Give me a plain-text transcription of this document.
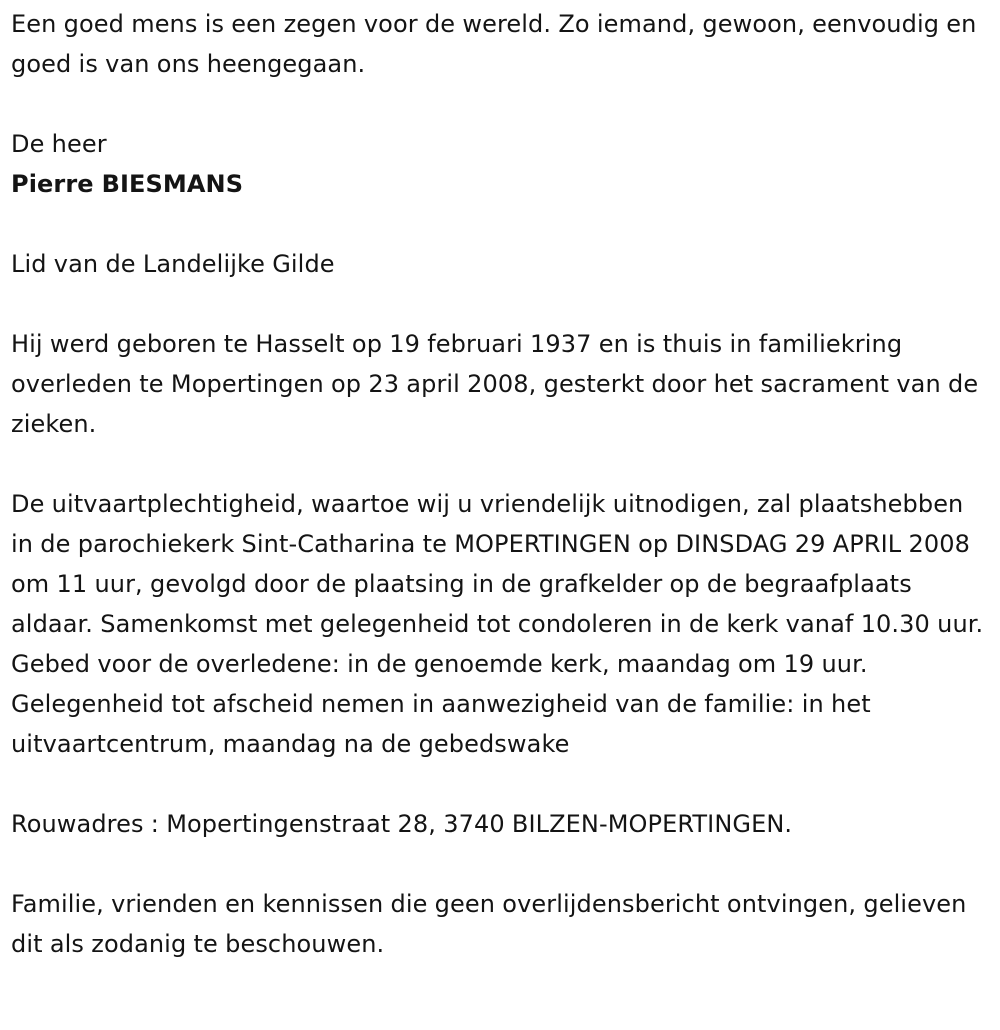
Een goed mens is een zegen voor de wereld. Zo iemand, gewoon, eenvoudig en goed is van ons heengegaan.

De heer

Pierre BIESMANS

Lid van de Landelijke Gilde

Hij werd geboren te Hasselt op 19 februari 1937 en is thuis in familiekring overleden te Mopertingen op 23 april 2008, gesterkt door het sacrament van de zieken.

De uitvaartplechtigheid, waartoe wij u vriendelijk uitnodigen, zal plaatshebben in de parochiekerk Sint-Catharina te MOPERTINGEN op DINSDAG 29 APRIL 2008 om 11 uur, gevolgd door de plaatsing in de grafkelder op de begraafplaats aldaar. Samenkomst met gelegenheid tot condoleren in de kerk vanaf 10.30 uur. Gebed voor de overledene: in de genoemde kerk, maandag om 19 uur. Gelegenheid tot afscheid nemen in aanwezigheid van de familie: in het uitvaartcentrum, maandag na de gebedswake

Rouwadres : Mopertingenstraat 28, 3740 BILZEN-MOPERTINGEN.

Familie, vrienden en kennissen die geen overlijdensbericht ontvingen, gelieven dit als zodanig te beschouwen.
